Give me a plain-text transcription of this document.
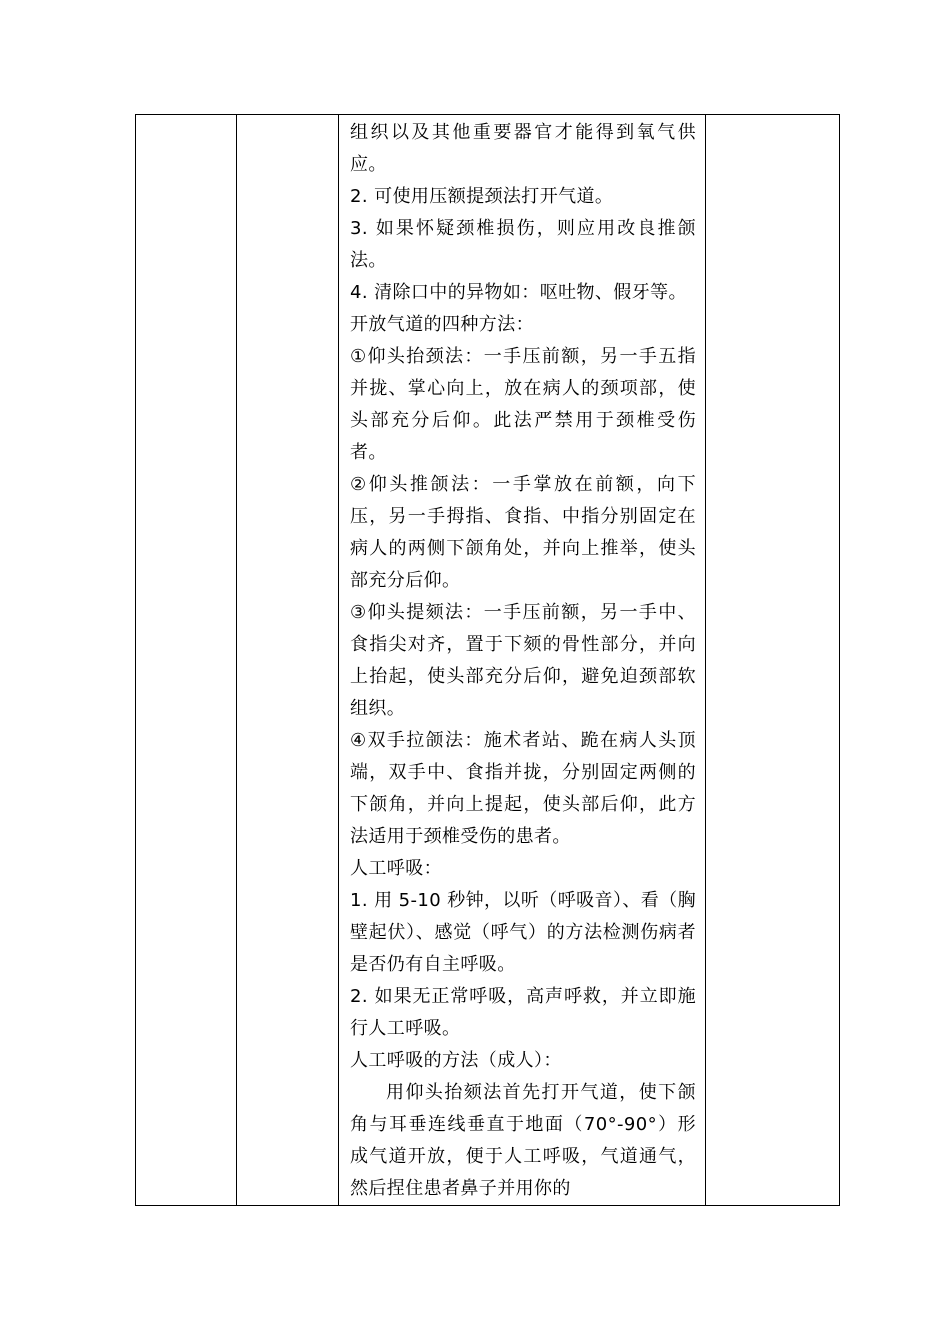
组织以及其他重要器官才能得到氧气供应。

2. 可使用压额提颈法打开气道。

3. 如果怀疑颈椎损伤，则应用改良推颌法。

4. 清除口中的异物如：呕吐物、假牙等。

开放气道的四种方法：

①仰头抬颈法：一手压前额，另一手五指并拢、掌心向上，放在病人的颈项部，使头部充分后仰。此法严禁用于颈椎受伤者。

②仰头推颌法：一手掌放在前额，向下压，另一手拇指、食指、中指分别固定在病人的两侧下颌角处，并向上推举，使头部充分后仰。

③仰头提颏法：一手压前额，另一手中、食指尖对齐，置于下颏的骨性部分，并向上抬起，使头部充分后仰，避免迫颈部软组织。

④双手拉颌法：施术者站、跪在病人头顶端，双手中、食指并拢，分别固定两侧的下颌角，并向上提起，使头部后仰，此方法适用于颈椎受伤的患者。

人工呼吸：

1. 用 5-10 秒钟，以听（呼吸音）、看（胸壁起伏）、感觉（呼气）的方法检测伤病者是否仍有自主呼吸。

2. 如果无正常呼吸，高声呼救，并立即施行人工呼吸。

人工呼吸的方法（成人）：

用仰头抬颏法首先打开气道，使下颌角与耳垂连线垂直于地面（70°-90°）形成气道开放，便于人工呼吸，气道通气，然后捏住患者鼻子并用你的
